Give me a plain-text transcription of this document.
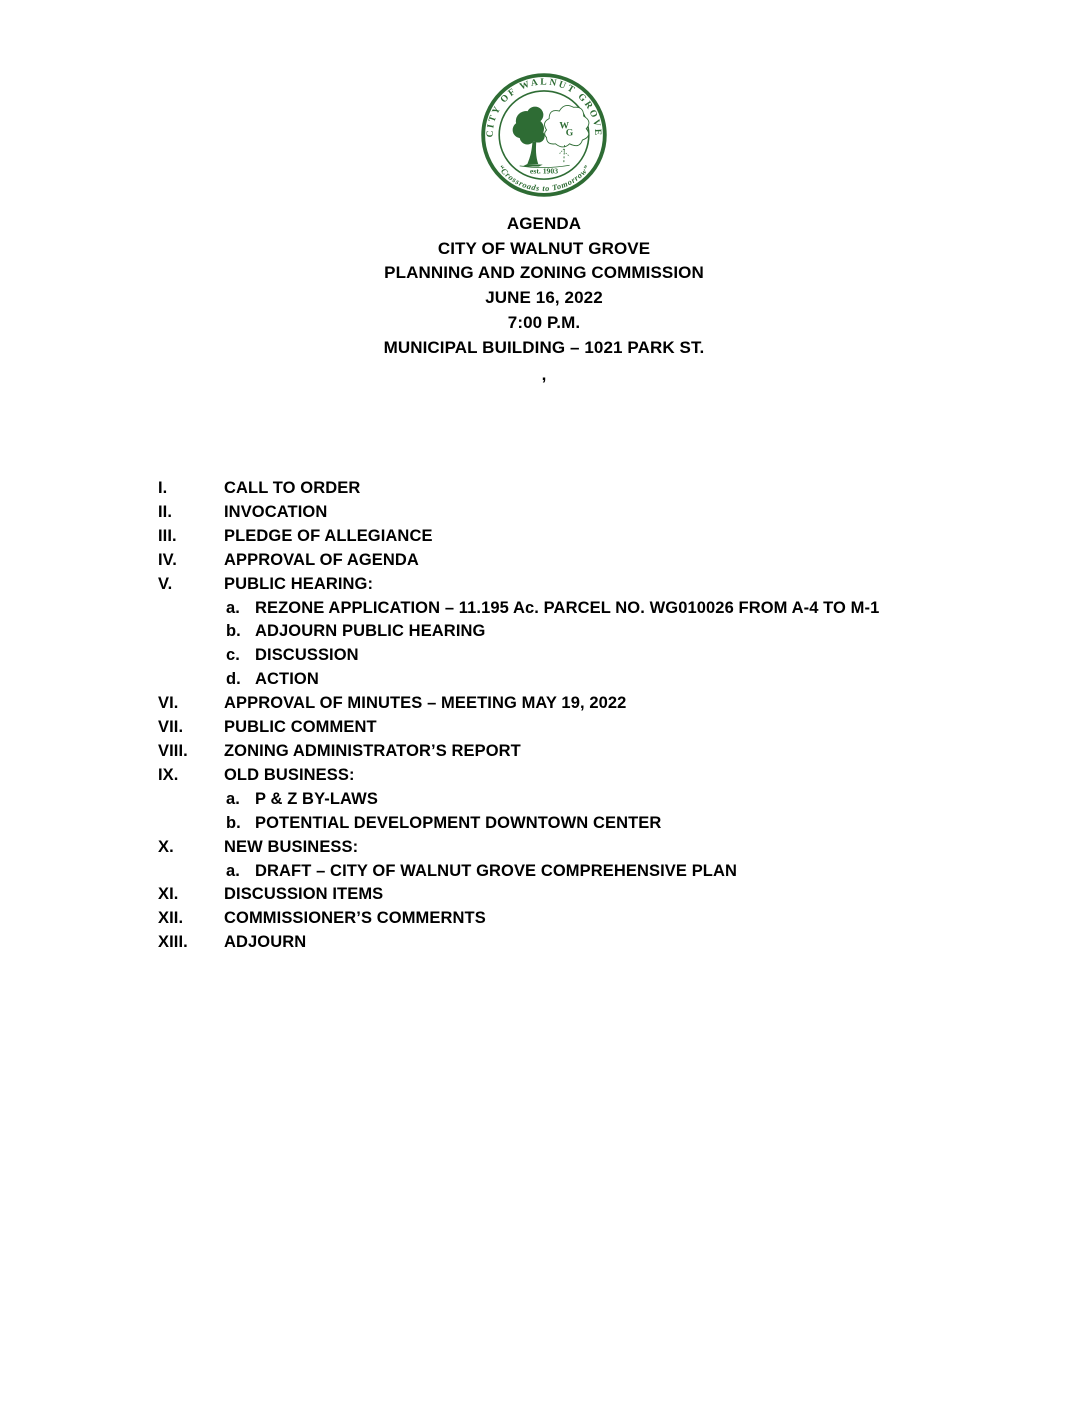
CITY OF WALNUT GROVE
“Crossroads to Tomorrow”
W
G
est. 1903
AGENDA
CITY OF WALNUT GROVE
PLANNING AND ZONING COMMISSION
JUNE 16, 2022
7:00 P.M.
MUNICIPAL BUILDING – 1021 PARK ST.
,
I.	CALL TO ORDER
II.	INVOCATION
III.	PLEDGE OF ALLEGIANCE
IV.	APPROVAL OF AGENDA
V.	PUBLIC HEARING:
a. REZONE APPLICATION – 11.195 Ac. PARCEL NO. WG010026 FROM A-4 TO M-1
b. ADJOURN PUBLIC HEARING
c. DISCUSSION
d. ACTION
VI.	APPROVAL OF MINUTES – MEETING MAY 19, 2022
VII.	PUBLIC COMMENT
VIII.	ZONING ADMINISTRATOR’S REPORT
IX.	OLD BUSINESS:
a. P & Z BY-LAWS
b. POTENTIAL DEVELOPMENT DOWNTOWN CENTER
X.	NEW BUSINESS:
a. DRAFT – CITY OF WALNUT GROVE COMPREHENSIVE PLAN
XI.	DISCUSSION ITEMS
XII.	COMMISSIONER’S COMMERNTS
XIII.	ADJOURN
